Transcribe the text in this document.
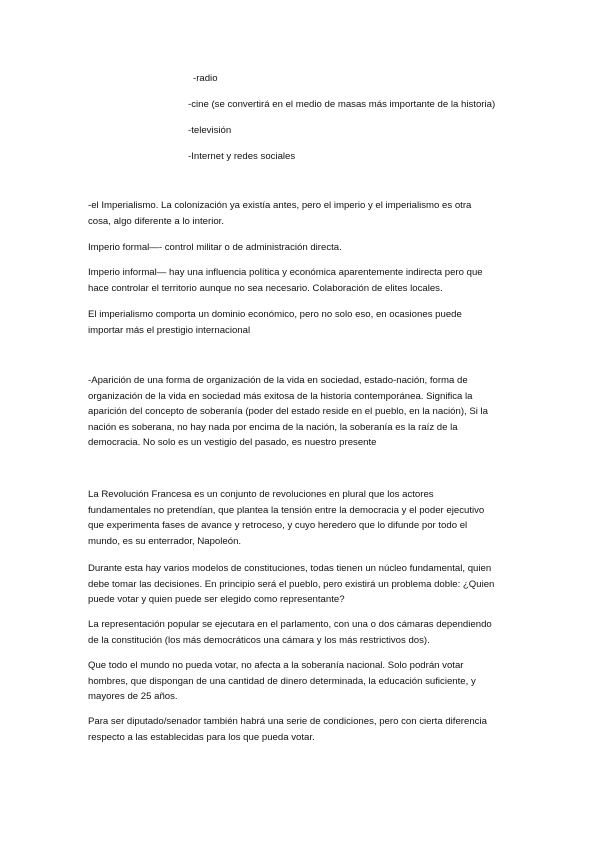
-radio
-cine (se convertirá en el medio de masas más importante de la historia)
-televisión
-Internet y redes sociales
-el Imperialismo. La colonización ya existía antes, pero el imperio y el imperialismo es otra
cosa, algo diferente a lo interior.
Imperio formal—- control militar o de administración directa.
Imperio informal— hay una influencia política y económica aparentemente indirecta pero que
hace controlar el territorio aunque no sea necesario. Colaboración de elites locales.
El imperialismo comporta un dominio económico, pero no solo eso, en ocasiones puede
importar más el prestigio internacional
-Aparición de una forma de organización de la vida en sociedad, estado-nación, forma de
organización de la vida en sociedad más exitosa de la historia contemporánea. Significa la
aparición del concepto de soberanía (poder del estado reside en el pueblo, en la nación), Si la
nación es soberana, no hay nada por encima de la nación, la soberanía es la raíz de la
democracia. No solo es un vestigio del pasado, es nuestro presente
La Revolución Francesa es un conjunto de revoluciones en plural que los actores
fundamentales no pretendían, que plantea la tensión entre la democracia y el poder ejecutivo
que experimenta fases de avance y retroceso, y cuyo heredero que lo difunde por todo el
mundo, es su enterrador, Napoleón.
Durante esta hay varios modelos de constituciones, todas tienen un núcleo fundamental, quien
debe tomar las decisiones. En principio será el pueblo, pero existirá un problema doble: ¿Quien
puede votar y quien puede ser elegido como representante?
La representación popular se ejecutara en el parlamento, con una o dos cámaras dependiendo
de la constitución (los más democráticos una cámara y los más restrictivos dos).
Que todo el mundo no pueda votar, no afecta a la soberanía nacional. Solo podrán votar
hombres, que dispongan de una cantidad de dinero determinada, la educación suficiente, y
mayores de 25 años.
Para ser diputado/senador también habrá una serie de condiciones, pero con cierta diferencia
respecto a las establecidas para los que pueda votar.
